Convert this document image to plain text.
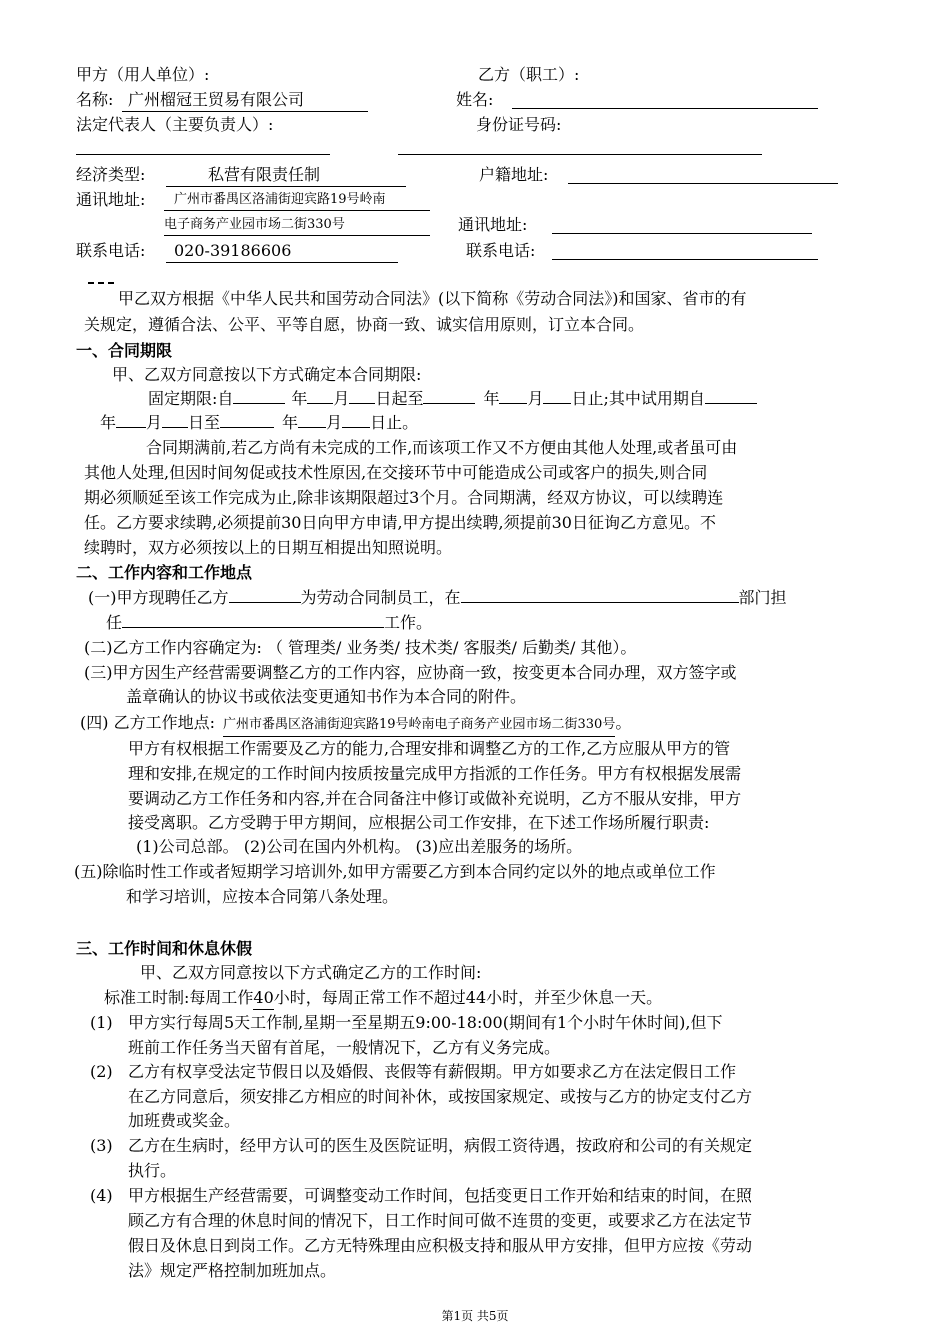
甲方（用人单位）:	乙方（职工）:
名称: 广州榴冠王贸易有限公司	姓名:
法定代表人（主要负责人）:	身份证号码:
经济类型:	私营有限责任制	户籍地址:
通讯地址:	广州市番禺区洛浦街迎宾路19号岭南
电子商务产业园市场二街330号	通讯地址:
联系电话:	020-39186606	联系电话:
甲乙双方根据《中华人民共和国劳动合同法》(以下简称《劳动合同法》)和国家、省市的有
关规定，遵循合法、公平、平等自愿，协商一致、诚实信用原则，订立本合同。
一、合同期限
甲、乙双方同意按以下方式确定本合同期限:
固定期限:自	年 月 日起至	年 月 日止;其中试用期自
年 月 日至	年 月 日止。
合同期满前,若乙方尚有未完成的工作,而该项工作又不方便由其他人处理,或者虽可由
其他人处理,但因时间匆促或技术性原因,在交接环节中可能造成公司或客户的损失,则合同
期必须顺延至该工作完成为止,除非该期限超过3个月。合同期满，经双方协议，可以续聘连
任。乙方要求续聘,必须提前30日向甲方申请,甲方提出续聘,须提前30日征询乙方意见。不
续聘时，双方必须按以上的日期互相提出知照说明。
二、工作内容和工作地点
(一)甲方现聘任乙方	为劳动合同制员工，在	部门担
任	工作。
(二)乙方工作内容确定为: （ 管理类/ 业务类/ 技术类/ 客服类/ 后勤类/ 其他）。
(三)甲方因生产经营需要调整乙方的工作内容，应协商一致，按变更本合同办理，双方签字或
盖章确认的协议书或依法变更通知书作为本合同的附件。
(四) 乙方工作地点: 广州市番禺区洛浦街迎宾路19号岭南电子商务产业园市场二街330号。
甲方有权根据工作需要及乙方的能力,合理安排和调整乙方的工作,乙方应服从甲方的管
理和安排,在规定的工作时间内按质按量完成甲方指派的工作任务。甲方有权根据发展需
要调动乙方工作任务和内容,并在合同备注中修订或做补充说明，乙方不服从安排，甲方
接受离职。乙方受聘于甲方期间，应根据公司工作安排，在下述工作场所履行职责:
(1)公司总部。 (2)公司在国内外机构。 (3)应出差服务的场所。
(五)除临时性工作或者短期学习培训外,如甲方需要乙方到本合同约定以外的地点或单位工作
和学习培训，应按本合同第八条处理。
三、工作时间和休息休假
甲、乙双方同意按以下方式确定乙方的工作时间:
标准工时制:每周工作40小时，每周正常工作不超过44小时，并至少休息一天。
(1) 甲方实行每周5天工作制,星期一至星期五9:00-18:00(期间有1个小时午休时间),但下
班前工作任务当天留有首尾，一般情况下，乙方有义务完成。
(2) 乙方有权享受法定节假日以及婚假、丧假等有薪假期。甲方如要求乙方在法定假日工作
在乙方同意后，须安排乙方相应的时间补休，或按国家规定、或按与乙方的协定支付乙方
加班费或奖金。
(3) 乙方在生病时，经甲方认可的医生及医院证明，病假工资待遇，按政府和公司的有关规定
执行。
(4) 甲方根据生产经营需要，可调整变动工作时间，包括变更日工作开始和结束的时间，在照
顾乙方有合理的休息时间的情况下，日工作时间可做不连贯的变更，或要求乙方在法定节
假日及休息日到岗工作。乙方无特殊理由应积极支持和服从甲方安排，但甲方应按《劳动
法》规定严格控制加班加点。
第1页 共5页
